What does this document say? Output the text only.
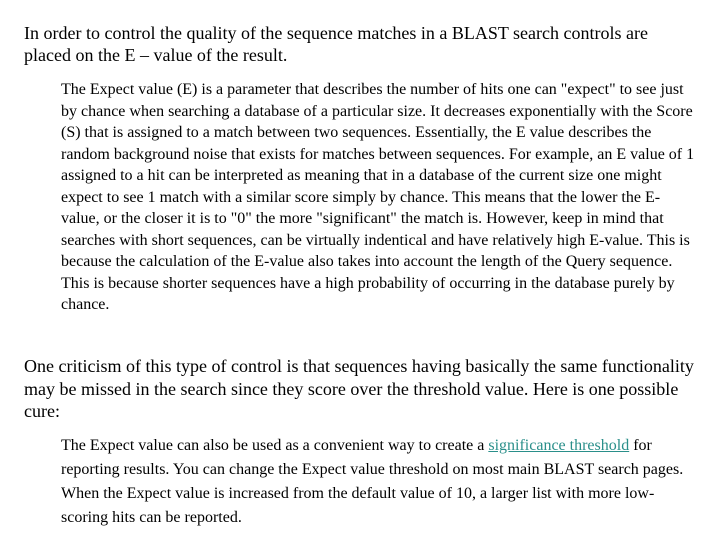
In order to control the quality of the sequence matches in a BLAST search controls are placed on the E – value of the result.

The Expect value (E) is a parameter that describes the number of hits one can "expect" to see just by chance when searching a database of a particular size. It decreases exponentially with the Score (S) that is assigned to a match between two sequences. Essentially, the E value describes the random background noise that exists for matches between sequences. For example, an E value of 1 assigned to a hit can be interpreted as meaning that in a database of the current size one might expect to see 1 match with a similar score simply by chance. This means that the lower the E-value, or the closer it is to "0" the more "significant" the match is. However, keep in mind that searches with short sequences, can be virtually indentical and have relatively high E-value. This is because the calculation of the E-value also takes into account the length of the Query sequence. This is because shorter sequences have a high probability of occurring in the database purely by chance.

One criticism of this type of control is that sequences having basically the same functionality may be missed in the search since they score over the threshold value. Here is one possible cure:

The Expect value can also be used as a convenient way to create a significance threshold for reporting results. You can change the Expect value threshold on most main BLAST search pages. When the Expect value is increased from the default value of 10, a larger list with more low-scoring hits can be reported.
